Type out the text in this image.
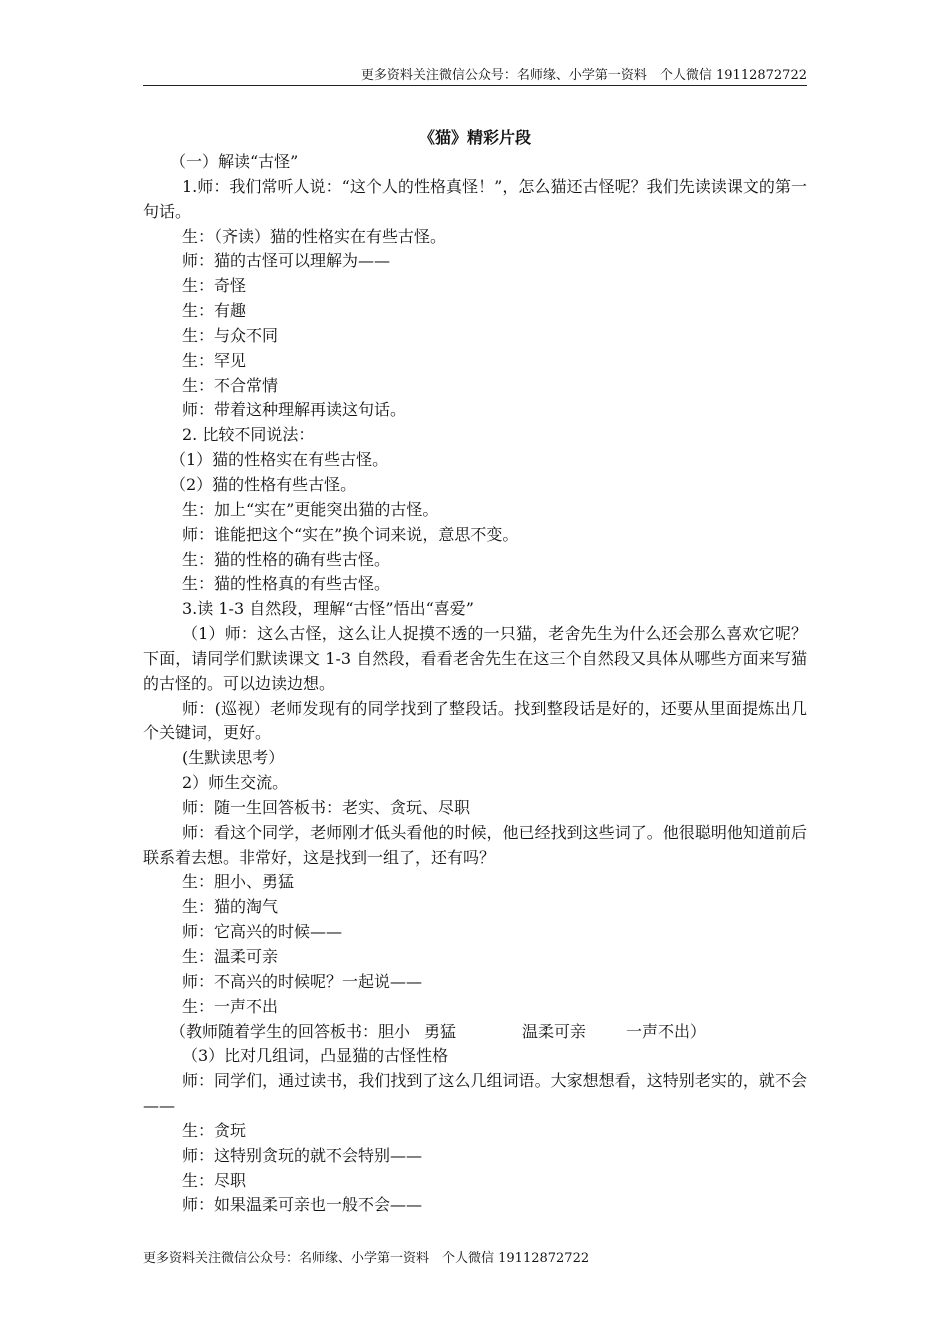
更多资料关注微信公众号：名师缘、小学第一资料　个人微信 19112872722
《猫》精彩片段

（一）解读“古怪”

1.师：我们常听人说：“这个人的性格真怪！”，怎么猫还古怪呢？我们先读读课文的第一句话。

生：（齐读）猫的性格实在有些古怪。

师：猫的古怪可以理解为——

生：奇怪

生：有趣

生：与众不同

生：罕见

生：不合常情

师：带着这种理解再读这句话。

2. 比较不同说法：

（1）猫的性格实在有些古怪。

（2）猫的性格有些古怪。

生：加上“实在”更能突出猫的古怪。

师：谁能把这个“实在”换个词来说，意思不变。

生：猫的性格的确有些古怪。

生：猫的性格真的有些古怪。

3.读 1-3 自然段，理解“古怪”悟出“喜爱”

（1）师：这么古怪，这么让人捉摸不透的一只猫，老舍先生为什么还会那么喜欢它呢？下面，请同学们默读课文 1-3 自然段，看看老舍先生在这三个自然段又具体从哪些方面来写猫的古怪的。可以边读边想。

师：(巡视）老师发现有的同学找到了整段话。找到整段话是好的，还要从里面提炼出几个关键词，更好。

(生默读思考）

2）师生交流。

师：随一生回答板书：老实、贪玩、尽职

师：看这个同学，老师刚才低头看他的时候，他已经找到这些词了。他很聪明他知道前后联系着去想。非常好，这是找到一组了，还有吗？

生：胆小、勇猛

生：猫的淘气

师：它高兴的时候——

生：温柔可亲

师：不高兴的时候呢？一起说——

生：一声不出

（教师随着学生的回答板书：胆小 勇猛	温柔可亲	一声不出）

（3）比对几组词，凸显猫的古怪性格

师：同学们，通过读书，我们找到了这么几组词语。大家想想看，这特别老实的，就不会——

生：贪玩

师：这特别贪玩的就不会特别——

生：尽职

师：如果温柔可亲也一般不会——

更多资料关注微信公众号：名师缘、小学第一资料　个人微信 19112872722
